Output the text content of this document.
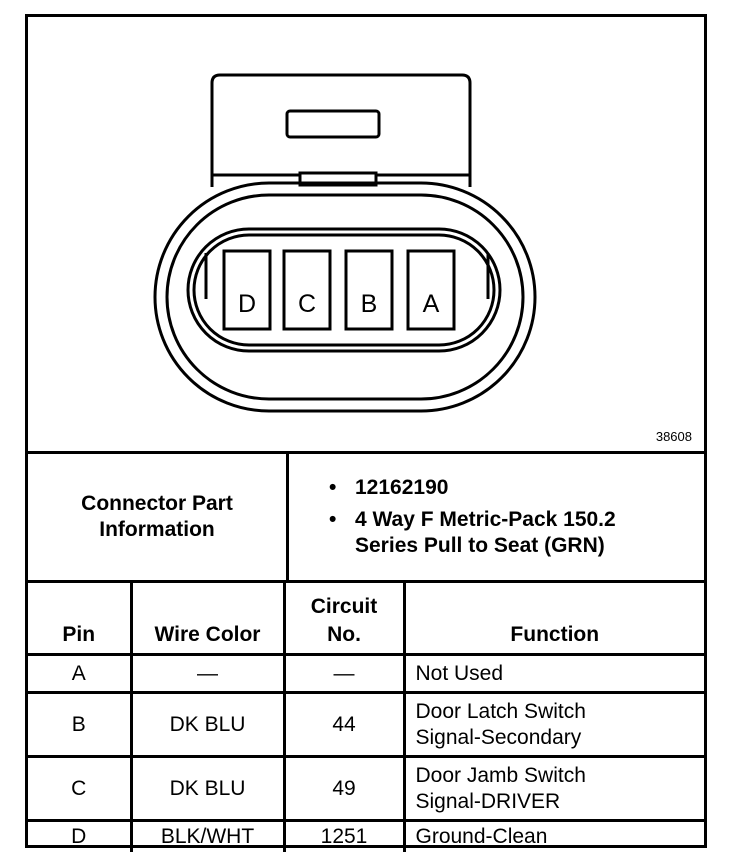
D	C	B	A
38608
Connector Part Information

• 12162190

• 4 Way F Metric-Pack 150.2 Series Pull to Seat (GRN)

Pin	Wire Color	Circuit No.	Function
A	—	—	Not Used
B	DK BLU	44	Door Latch Switch Signal-Secondary

C	DK BLU	49	Door Jamb Switch Signal-DRIVER

D	BLK/WHT	1251	Ground-Clean
